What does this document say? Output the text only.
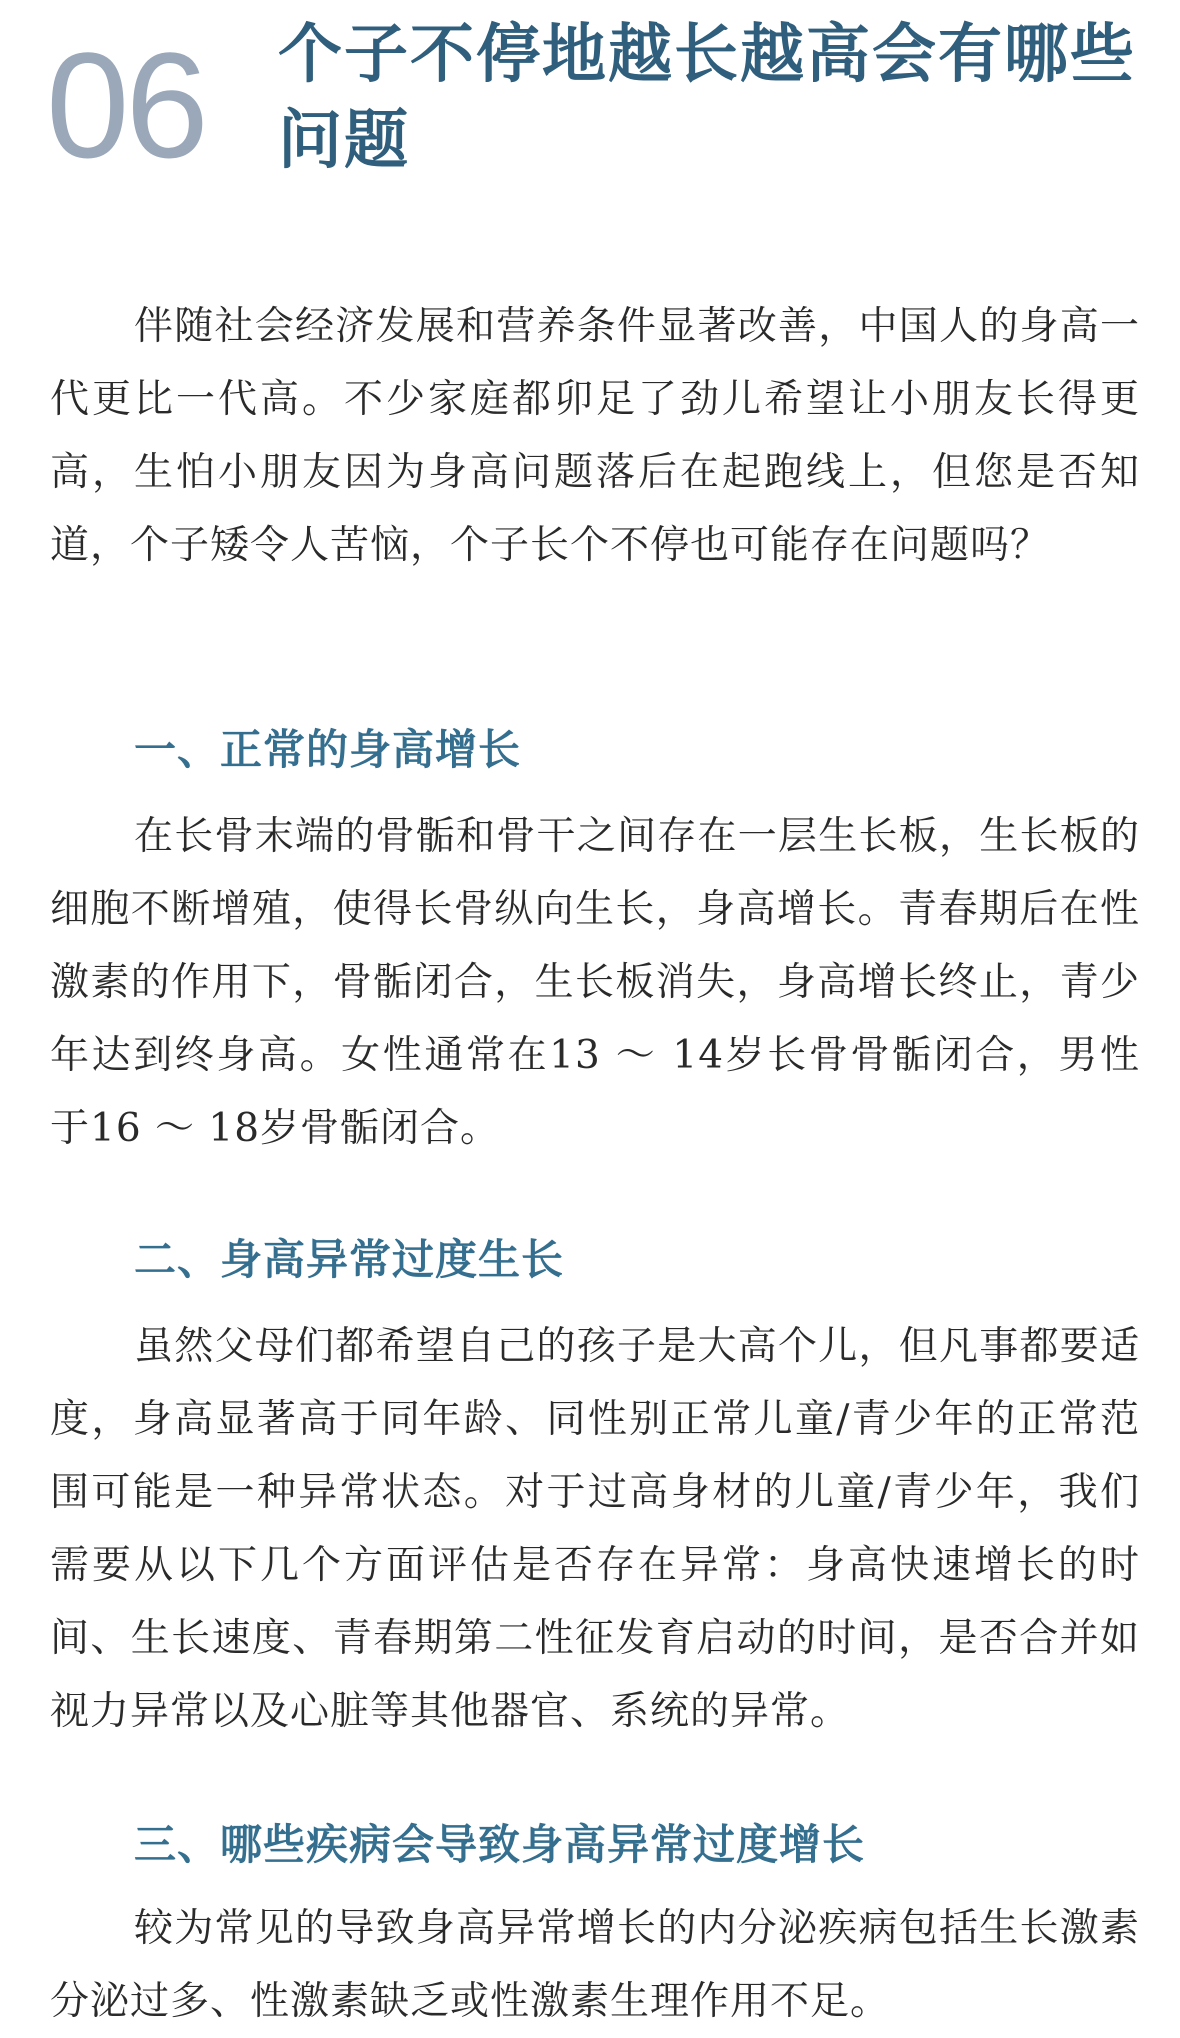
06 个子不停地越长越高会有哪些问题

伴随社会经济发展和营养条件显著改善，中国人的身高一代更比一代高。不少家庭都卯足了劲儿希望让小朋友长得更高，生怕小朋友因为身高问题落后在起跑线上，但您是否知道，个子矮令人苦恼，个子长个不停也可能存在问题吗？

一、正常的身高增长

在长骨末端的骨骺和骨干之间存在一层生长板，生长板的细胞不断增殖，使得长骨纵向生长，身高增长。青春期后在性激素的作用下，骨骺闭合，生长板消失，身高增长终止，青少年达到终身高。女性通常在13 ～ 14岁长骨骨骺闭合，男性于16 ～ 18岁骨骺闭合。

二、身高异常过度生长

虽然父母们都希望自己的孩子是大高个儿，但凡事都要适度，身高显著高于同年龄、同性别正常儿童/青少年的正常范围可能是一种异常状态。对于过高身材的儿童/青少年，我们需要从以下几个方面评估是否存在异常：身高快速增长的时间、生长速度、青春期第二性征发育启动的时间，是否合并如视力异常以及心脏等其他器官、系统的异常。

三、哪些疾病会导致身高异常过度增长

较为常见的导致身高异常增长的内分泌疾病包括生长激素分泌过多、性激素缺乏或性激素生理作用不足。
